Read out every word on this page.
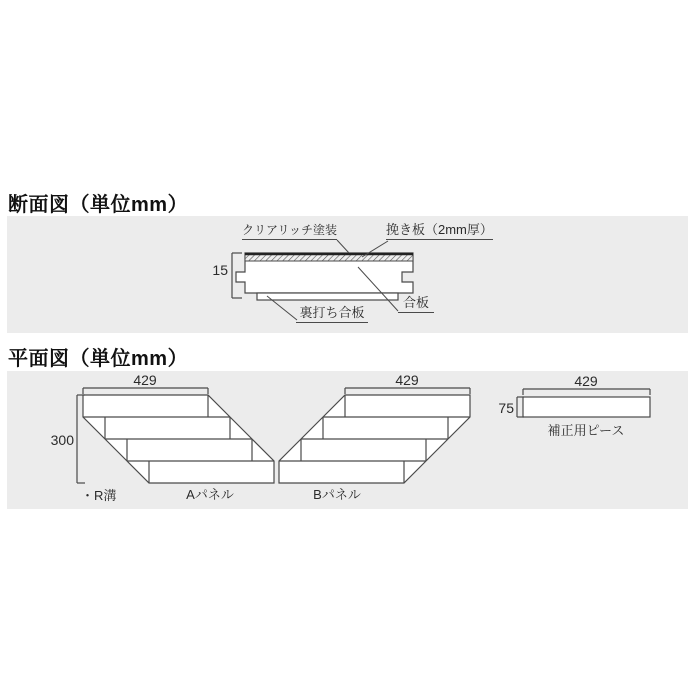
断面図（単位mm）
クリアリッチ塗装	挽き板（2mm厚）
15
合板
裏打ち合板
平面図（単位mm）
429	429	429
300
75
Aパネル	Bパネル
補正用ピース
・R溝
